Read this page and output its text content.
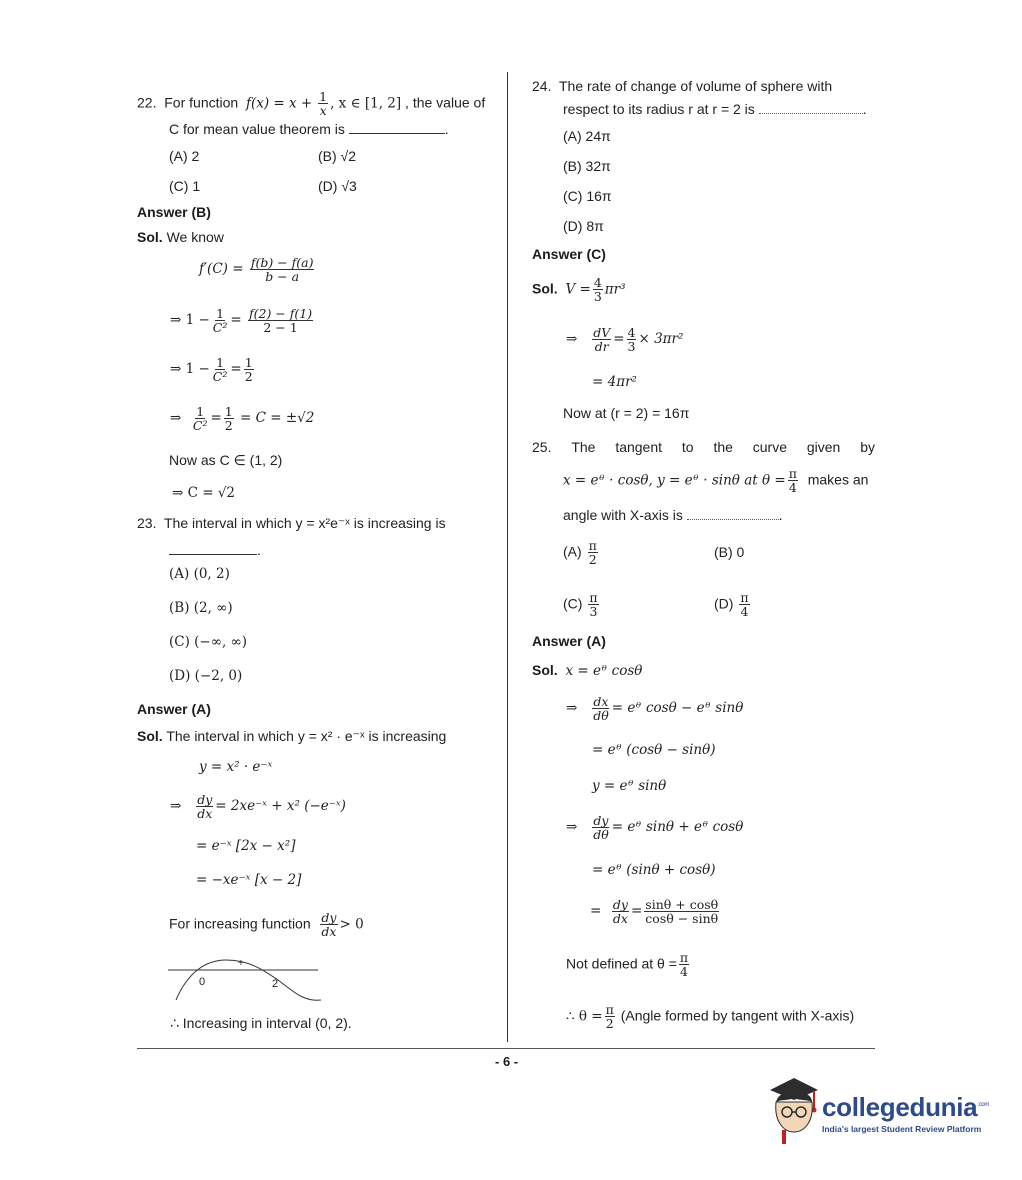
22. For function $f(x) = x + \frac{1}{x}$ , x ∈ [1, 2] , the value of
C for mean value theorem is	.
(A) 2	(B) √2
(C) 1	(D) √3
Answer (B)
Sol. We know
$f'(C) = \frac{f(b) - f(a)}{b - a}$
⇒ $1 - \frac{1}{\text{C²}} = \frac{f(2) - f(1)}{2 - 1}$
⇒ $1 - \frac{1}{\text{C²}} = \frac{1}{2}$
⇒ $\frac{1}{\text{C²}} = \frac{1}{2} = C = \pm√2$
Now as C ∈ (1, 2)
⇒ C = √2
23. The interval in which y = x²e⁻ˣ is increasing is
.
(A) (0, 2)
(B) (2, ∞)
(C) (−∞, ∞)
(D) (−2, 0)
Answer (A)
Sol. The interval in which y = x² · e⁻ˣ is increasing
y = x² · e⁻ˣ
⇒ $\frac{dy}{dx}$ = 2xe⁻ˣ + x² (−e⁻ˣ)
= e⁻ˣ [2x − x²]
= −xe⁻ˣ [x − 2]
For increasing function $\frac{dy}{dx} > 0$
+
0	2
∴ Increasing in interval (0, 2).
24. The rate of change of volume of sphere with
respect to its radius r at r = 2 is	.
(A) 24π
(B) 32π
(C) 16π
(D) 8π
Answer (C)
Sol. $V = \frac{4}{3} \pi r^3$
⇒ $\frac{dV}{dr} = \frac{4}{3} \times 3\pi r^2$
= 4πr²
Now at (r = 2) = 16π
25. The tangent to the curve given by
x = eᶿ · cosθ, y = eᶿ · sinθ at $\theta = \frac{\pi}{4}$ makes an
angle with X-axis is	.
$(A) \frac{\pi}{2}$	(B) 0
$(C) \frac{\pi}{3}$	$(D) \frac{\pi}{4}$
Answer (A)
Sol. x = eᶿ cosθ
⇒ $\frac{dx}{d\theta}$ = eᶿ cosθ − eᶿ sinθ
= eᶿ (cosθ − sinθ)
y = eᶿ sinθ
⇒ $\frac{dy}{d\theta}$ = eᶿ sinθ + eᶿ cosθ
= eᶿ (sinθ + cosθ)
= $\frac{dy}{dx} = \frac{\sin\theta + \cos\theta}{\cos\theta - \sin\theta}$
Not defined at $\theta = \frac{\pi}{4}$
∴ $\theta = \frac{\pi}{2}$ (Angle formed by tangent with X-axis)
- 6 -
collegedunia$^{.com}$
India's largest Student Review Platform
